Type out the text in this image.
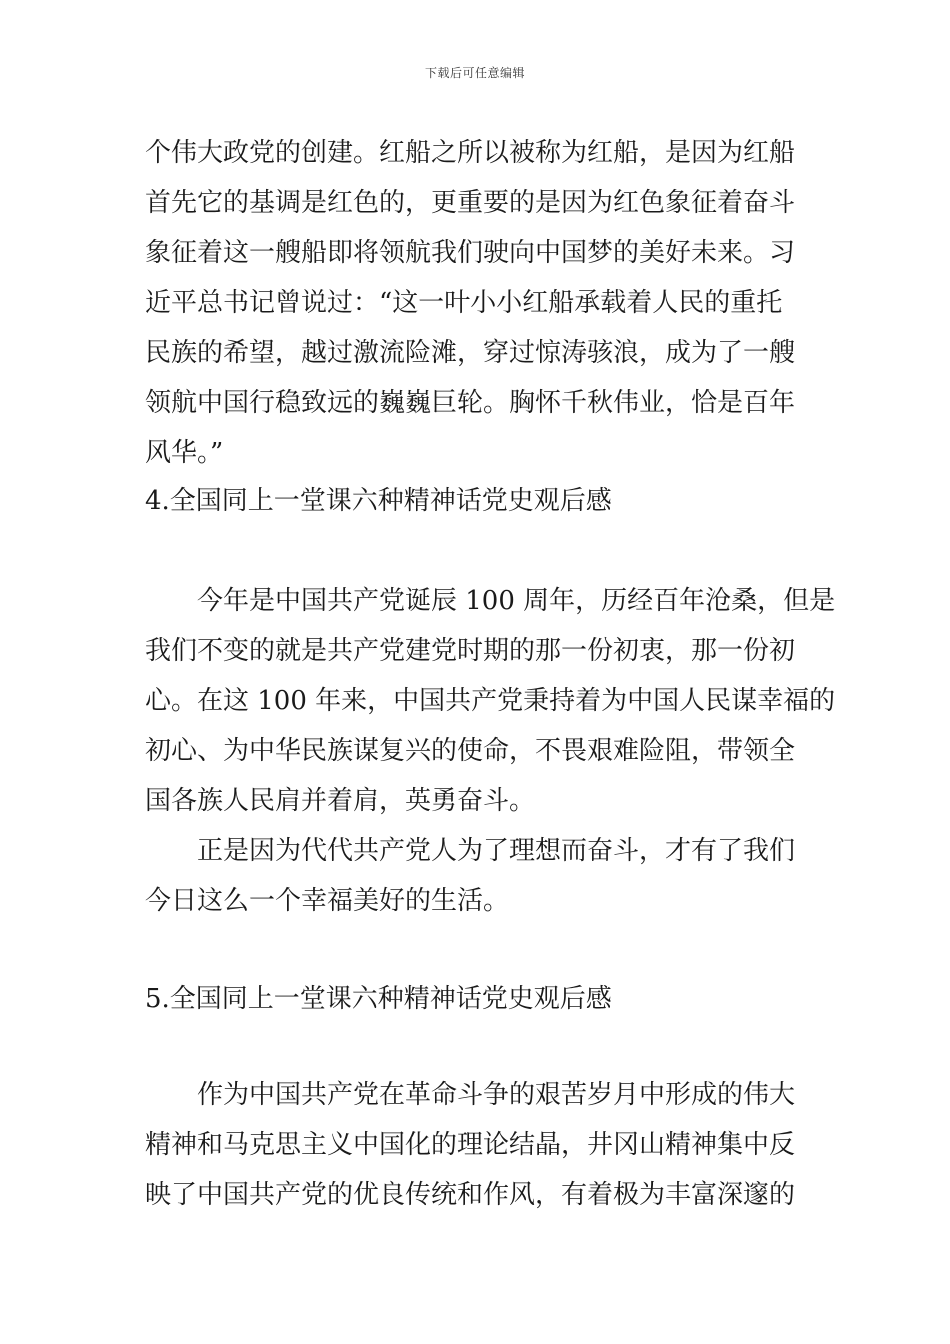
下载后可任意编辑
个伟大政党的创建。红船之所以被称为红船，是因为红船
首先它的基调是红色的，更重要的是因为红色象征着奋斗
象征着这一艘船即将领航我们驶向中国梦的美好未来。习
近平总书记曾说过：“这一叶小小红船承载着人民的重托
民族的希望，越过激流险滩，穿过惊涛骇浪，成为了一艘
领航中国行稳致远的巍巍巨轮。胸怀千秋伟业，恰是百年
风华。”
4.全国同上一堂课六种精神话党史观后感
今年是中国共产党诞辰 100 周年，历经百年沧桑，但是
我们不变的就是共产党建党时期的那一份初衷，那一份初
心。在这 100 年来，中国共产党秉持着为中国人民谋幸福的
初心、为中华民族谋复兴的使命，不畏艰难险阻，带领全
国各族人民肩并着肩，英勇奋斗。
正是因为代代共产党人为了理想而奋斗，才有了我们
今日这么一个幸福美好的生活。
5.全国同上一堂课六种精神话党史观后感
作为中国共产党在革命斗争的艰苦岁月中形成的伟大
精神和马克思主义中国化的理论结晶，井冈山精神集中反
映了中国共产党的优良传统和作风，有着极为丰富深邃的
